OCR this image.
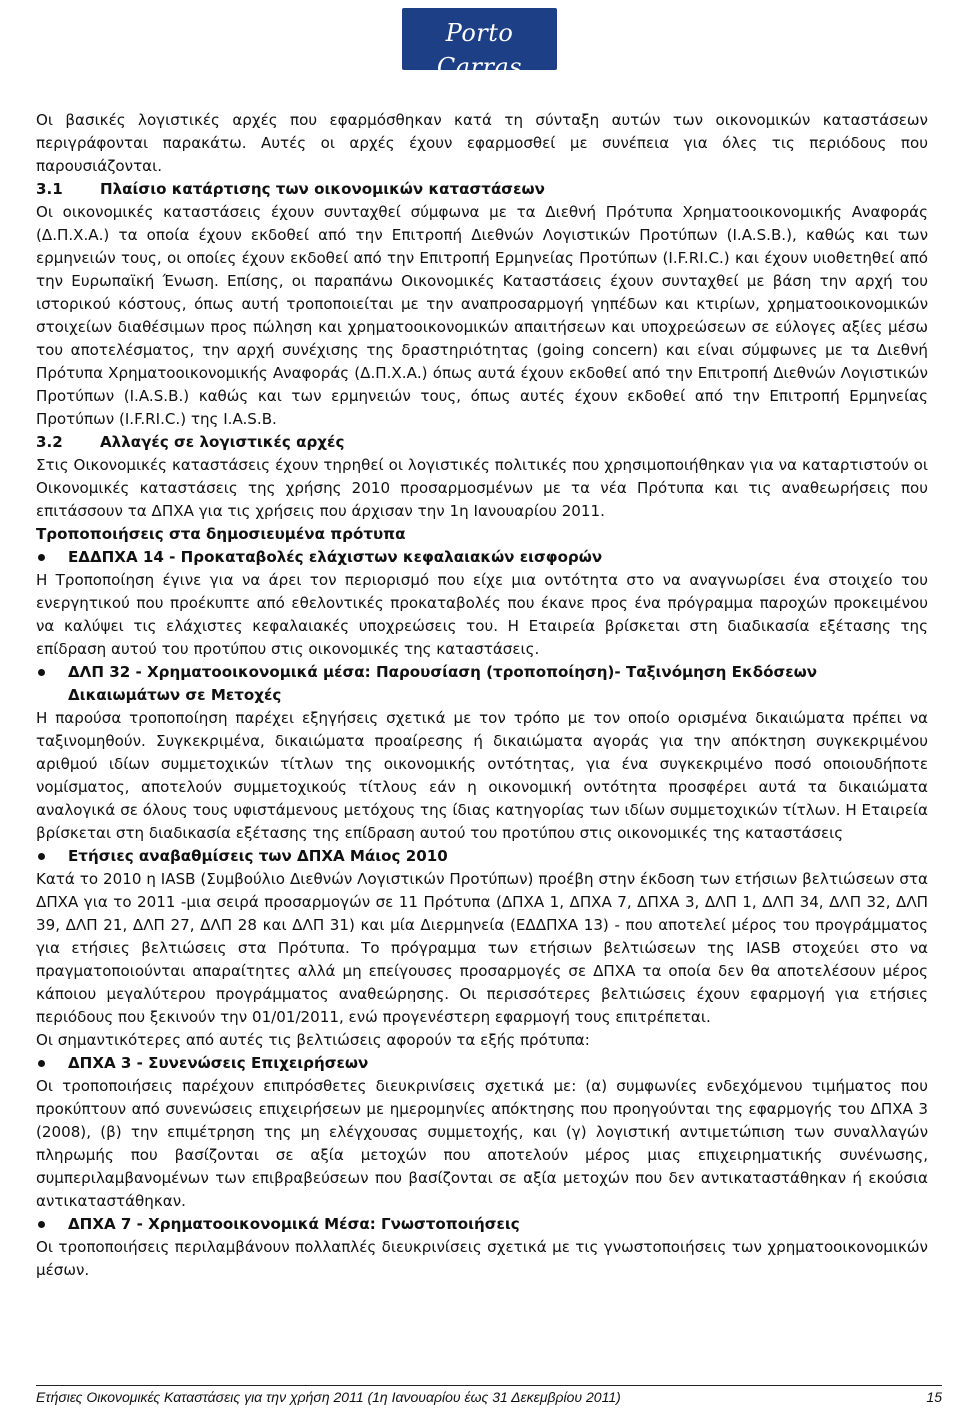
Porto Carras
GRAND RESORT

Οι βασικές λογιστικές αρχές που εφαρμόσθηκαν κατά τη σύνταξη αυτών των οικονομικών καταστάσεων περιγράφονται παρακάτω. Αυτές οι αρχές έχουν εφαρμοσθεί με συνέπεια για όλες τις περιόδους που παρουσιάζονται.

3.1 Πλαίσιο κατάρτισης των οικονομικών καταστάσεων

Οι οικονομικές καταστάσεις έχουν συνταχθεί σύμφωνα με τα Διεθνή Πρότυπα Χρηματοοικονομικής Αναφοράς (Δ.Π.Χ.Α.) τα οποία έχουν εκδοθεί από την Επιτροπή Διεθνών Λογιστικών Προτύπων (I.A.S.B.), καθώς και των ερμηνειών τους, οι οποίες έχουν εκδοθεί από την Επιτροπή Ερμηνείας Προτύπων (I.F.RI.C.) και έχουν υιοθετηθεί από την Ευρωπαϊκή Ένωση. Επίσης, οι παραπάνω Οικονομικές Καταστάσεις έχουν συνταχθεί με βάση την αρχή του ιστορικού κόστους, όπως αυτή τροποποιείται με την αναπροσαρμογή γηπέδων και κτιρίων, χρηματοοικονομικών στοιχείων διαθέσιμων προς πώληση και χρηματοοικονομικών απαιτήσεων και υποχρεώσεων σε εύλογες αξίες μέσω του αποτελέσματος, την αρχή συνέχισης της δραστηριότητας (going concern) και είναι σύμφωνες με τα Διεθνή Πρότυπα Χρηματοοικονομικής Αναφοράς (Δ.Π.Χ.Α.) όπως αυτά έχουν εκδοθεί από την Επιτροπή Διεθνών Λογιστικών Προτύπων (I.A.S.B.) καθώς και των ερμηνειών τους, όπως αυτές έχουν εκδοθεί από την Επιτροπή Ερμηνείας Προτύπων (I.F.RI.C.) της I.A.S.B.

3.2 Αλλαγές σε λογιστικές αρχές

Στις Οικονομικές καταστάσεις έχουν τηρηθεί οι λογιστικές πολιτικές που χρησιμοποιήθηκαν για να καταρτιστούν οι Οικονομικές καταστάσεις της χρήσης 2010 προσαρμοσμένων με τα νέα Πρότυπα και τις αναθεωρήσεις που επιτάσσουν τα ΔΠΧΑ για τις χρήσεις που άρχισαν την 1η Ιανουαρίου 2011.

Τροποποιήσεις στα δημοσιευμένα πρότυπα
ΕΔΔΠΧΑ 14 - Προκαταβολές ελάχιστων κεφαλαιακών εισφορών

Η Τροποποίηση έγινε για να άρει τον περιορισμό που είχε μια οντότητα στο να αναγνωρίσει ένα στοιχείο του ενεργητικού που προέκυπτε από εθελοντικές προκαταβολές που έκανε προς ένα πρόγραμμα παροχών προκειμένου να καλύψει τις ελάχιστες κεφαλαιακές υποχρεώσεις του. Η Εταιρεία βρίσκεται στη διαδικασία εξέτασης της επίδραση αυτού του προτύπου στις οικονομικές της καταστάσεις.

ΔΛΠ 32 - Χρηματοοικονομικά μέσα: Παρουσίαση (τροποποίηση)- Ταξινόμηση Εκδόσεων Δικαιωμάτων σε Μετοχές

Η παρούσα τροποποίηση παρέχει εξηγήσεις σχετικά με τον τρόπο με τον οποίο ορισμένα δικαιώματα πρέπει να ταξινομηθούν. Συγκεκριμένα, δικαιώματα προαίρεσης ή δικαιώματα αγοράς για την απόκτηση συγκεκριμένου αριθμού ιδίων συμμετοχικών τίτλων της οικονομικής οντότητας, για ένα συγκεκριμένο ποσό οποιουδήποτε νομίσματος, αποτελούν συμμετοχικούς τίτλους εάν η οικονομική οντότητα προσφέρει αυτά τα δικαιώματα αναλογικά σε όλους τους υφιστάμενους μετόχους της ίδιας κατηγορίας των ιδίων συμμετοχικών τίτλων. Η Εταιρεία βρίσκεται στη διαδικασία εξέτασης της επίδραση αυτού του προτύπου στις οικονομικές της καταστάσεις

Ετήσιες αναβαθμίσεις των ΔΠΧΑ Μάιος 2010

Κατά το 2010 η IASB (Συμβούλιο Διεθνών Λογιστικών Προτύπων) προέβη στην έκδοση των ετήσιων βελτιώσεων στα ΔΠΧΑ για το 2011 -μια σειρά προσαρμογών σε 11 Πρότυπα (ΔΠΧΑ 1, ΔΠΧΑ 7, ΔΠΧΑ 3, ΔΛΠ 1, ΔΛΠ 34, ΔΛΠ 32, ΔΛΠ 39, ΔΛΠ 21, ΔΛΠ 27, ΔΛΠ 28 και ΔΛΠ 31) και μία Διερμηνεία (ΕΔΔΠΧΑ 13) - που αποτελεί μέρος του προγράμματος για ετήσιες βελτιώσεις στα Πρότυπα. Το πρόγραμμα των ετήσιων βελτιώσεων της IASB στοχεύει στο να πραγματοποιούνται απαραίτητες αλλά μη επείγουσες προσαρμογές σε ΔΠΧΑ τα οποία δεν θα αποτελέσουν μέρος κάποιου μεγαλύτερου προγράμματος αναθεώρησης. Οι περισσότερες βελτιώσεις έχουν εφαρμογή για ετήσιες περιόδους που ξεκινούν την 01/01/2011, ενώ προγενέστερη εφαρμογή τους επιτρέπεται.

Οι σημαντικότερες από αυτές τις βελτιώσεις αφορούν τα εξής πρότυπα:

ΔΠΧΑ 3 - Συνενώσεις Επιχειρήσεων

Οι τροποποιήσεις παρέχουν επιπρόσθετες διευκρινίσεις σχετικά με: (α) συμφωνίες ενδεχόμενου τιμήματος που προκύπτουν από συνενώσεις επιχειρήσεων με ημερομηνίες απόκτησης που προηγούνται της εφαρμογής του ΔΠΧΑ 3 (2008), (β) την επιμέτρηση της μη ελέγχουσας συμμετοχής, και (γ) λογιστική αντιμετώπιση των συναλλαγών πληρωμής που βασίζονται σε αξία μετοχών που αποτελούν μέρος μιας επιχειρηματικής συνένωσης, συμπεριλαμβανομένων των επιβραβεύσεων που βασίζονται σε αξία μετοχών που δεν αντικαταστάθηκαν ή εκούσια αντικαταστάθηκαν.

ΔΠΧΑ 7 - Χρηματοοικονομικά Μέσα: Γνωστοποιήσεις

Οι τροποποιήσεις περιλαμβάνουν πολλαπλές διευκρινίσεις σχετικά με τις γνωστοποιήσεις των χρηματοοικονομικών μέσων.

Ετήσιες Οικονομικές Καταστάσεις για την χρήση 2011 (1η Ιανουαρίου έως 31 Δεκεμβρίου 2011)	15
